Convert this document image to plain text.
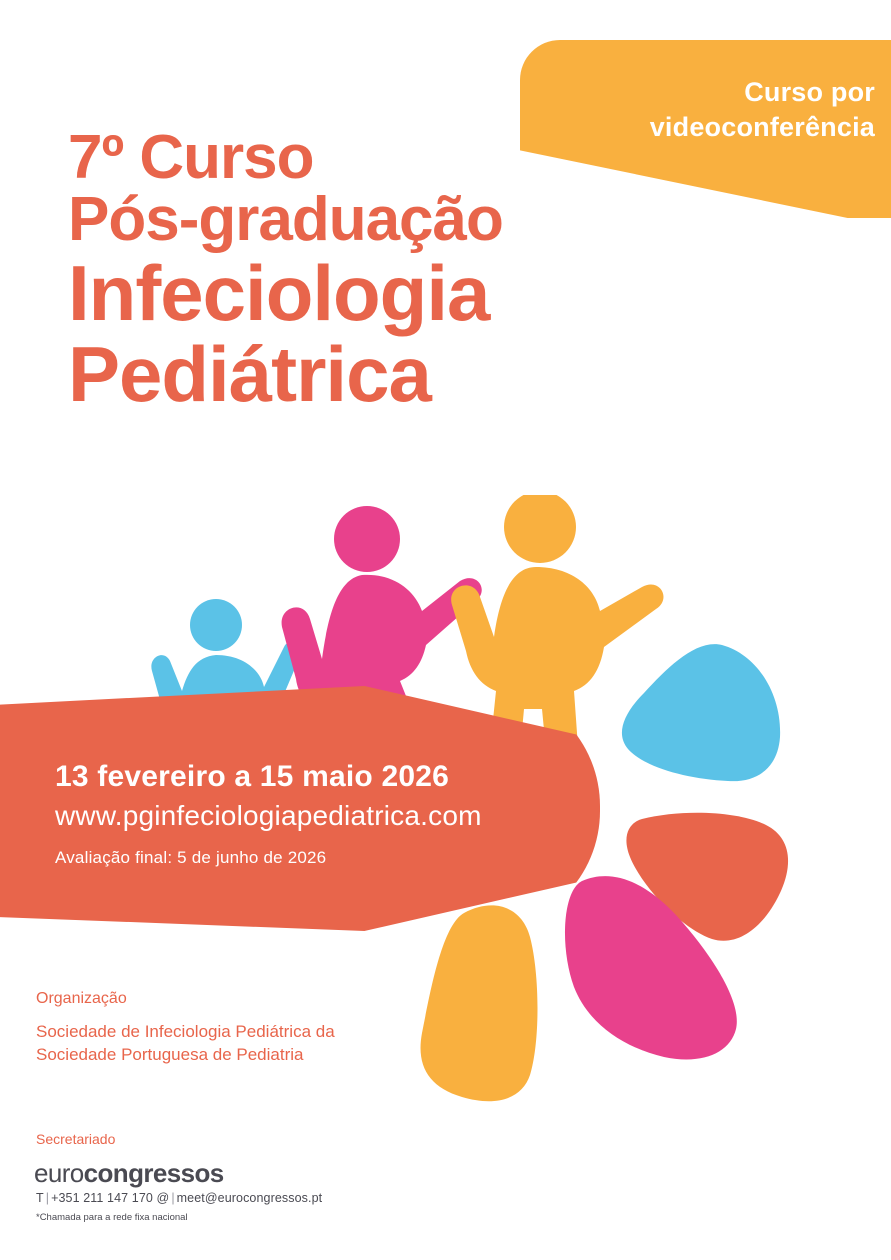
Curso por
videoconferência
7º Curso
Pós-graduação
Infeciologia
Pediátrica
13 fevereiro a 15 maio 2026
www.pginfeciologiapediatrica.com
Avaliação final: 5 de junho de 2026
Organização
Sociedade de Infeciologia Pediátrica da
Sociedade Portuguesa de Pediatria
Secretariado
eurocongressos
T | +351 211 147 170 @ | meet@eurocongressos.pt
*Chamada para a rede fixa nacional
